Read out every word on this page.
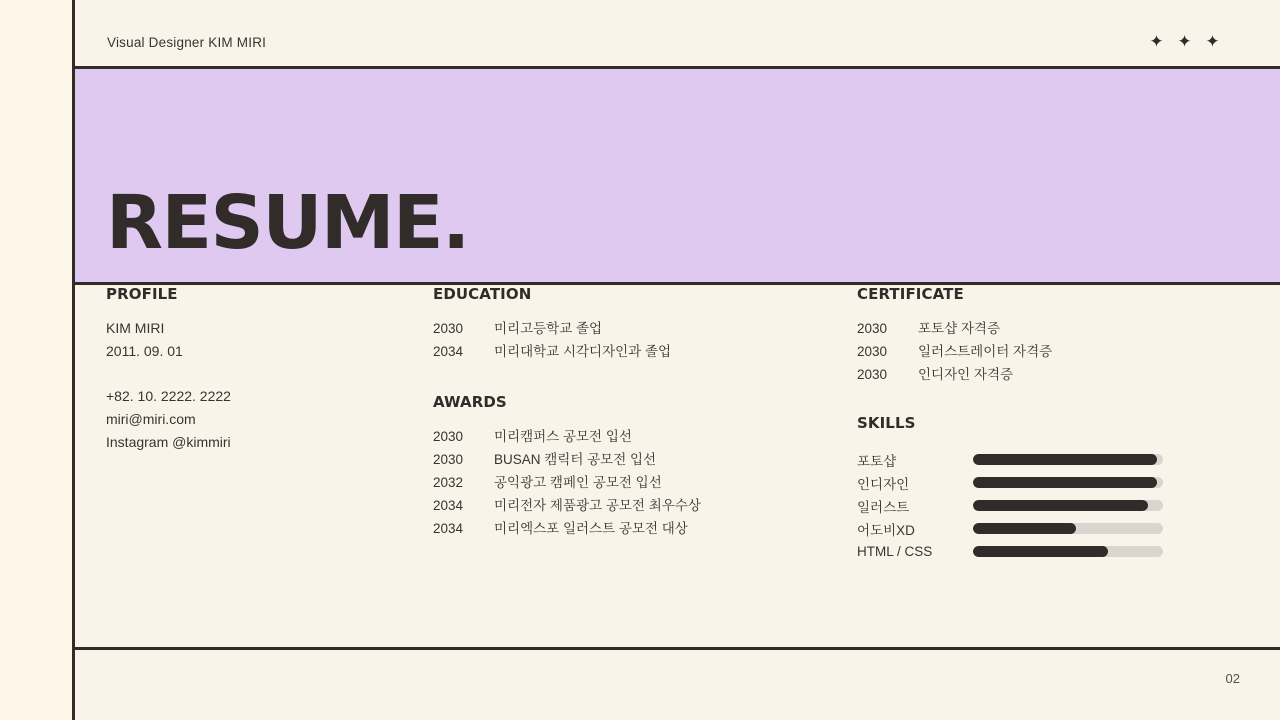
Visual Designer KIM MIRI	✦ ✦ ✦
RESUME.
PROFILE
KIM MIRI
2011. 09. 01
+82. 10. 2222. 2222
miri@miri.com
Instagram @kimmiri
EDUCATION
2030	미리고등학교 졸업
2034	미리대학교 시각디자인과 졸업
AWARDS
2030	미리캠퍼스 공모전 입선
2030	BUSAN 캠릭터 공모전 입선
2032	공익광고 캠페인 공모전 입선
2034	미리전자 제품광고 공모전 최우수상
2034	미리엑스포 일러스트 공모전 대상
CERTIFICATE
2030	포토샵 자격증
2030	일러스트레이터 자격증
2030	인디자인 자격증
SKILLS
포토샵
인디자인
일러스트
어도비XD
HTML / CSS
02
